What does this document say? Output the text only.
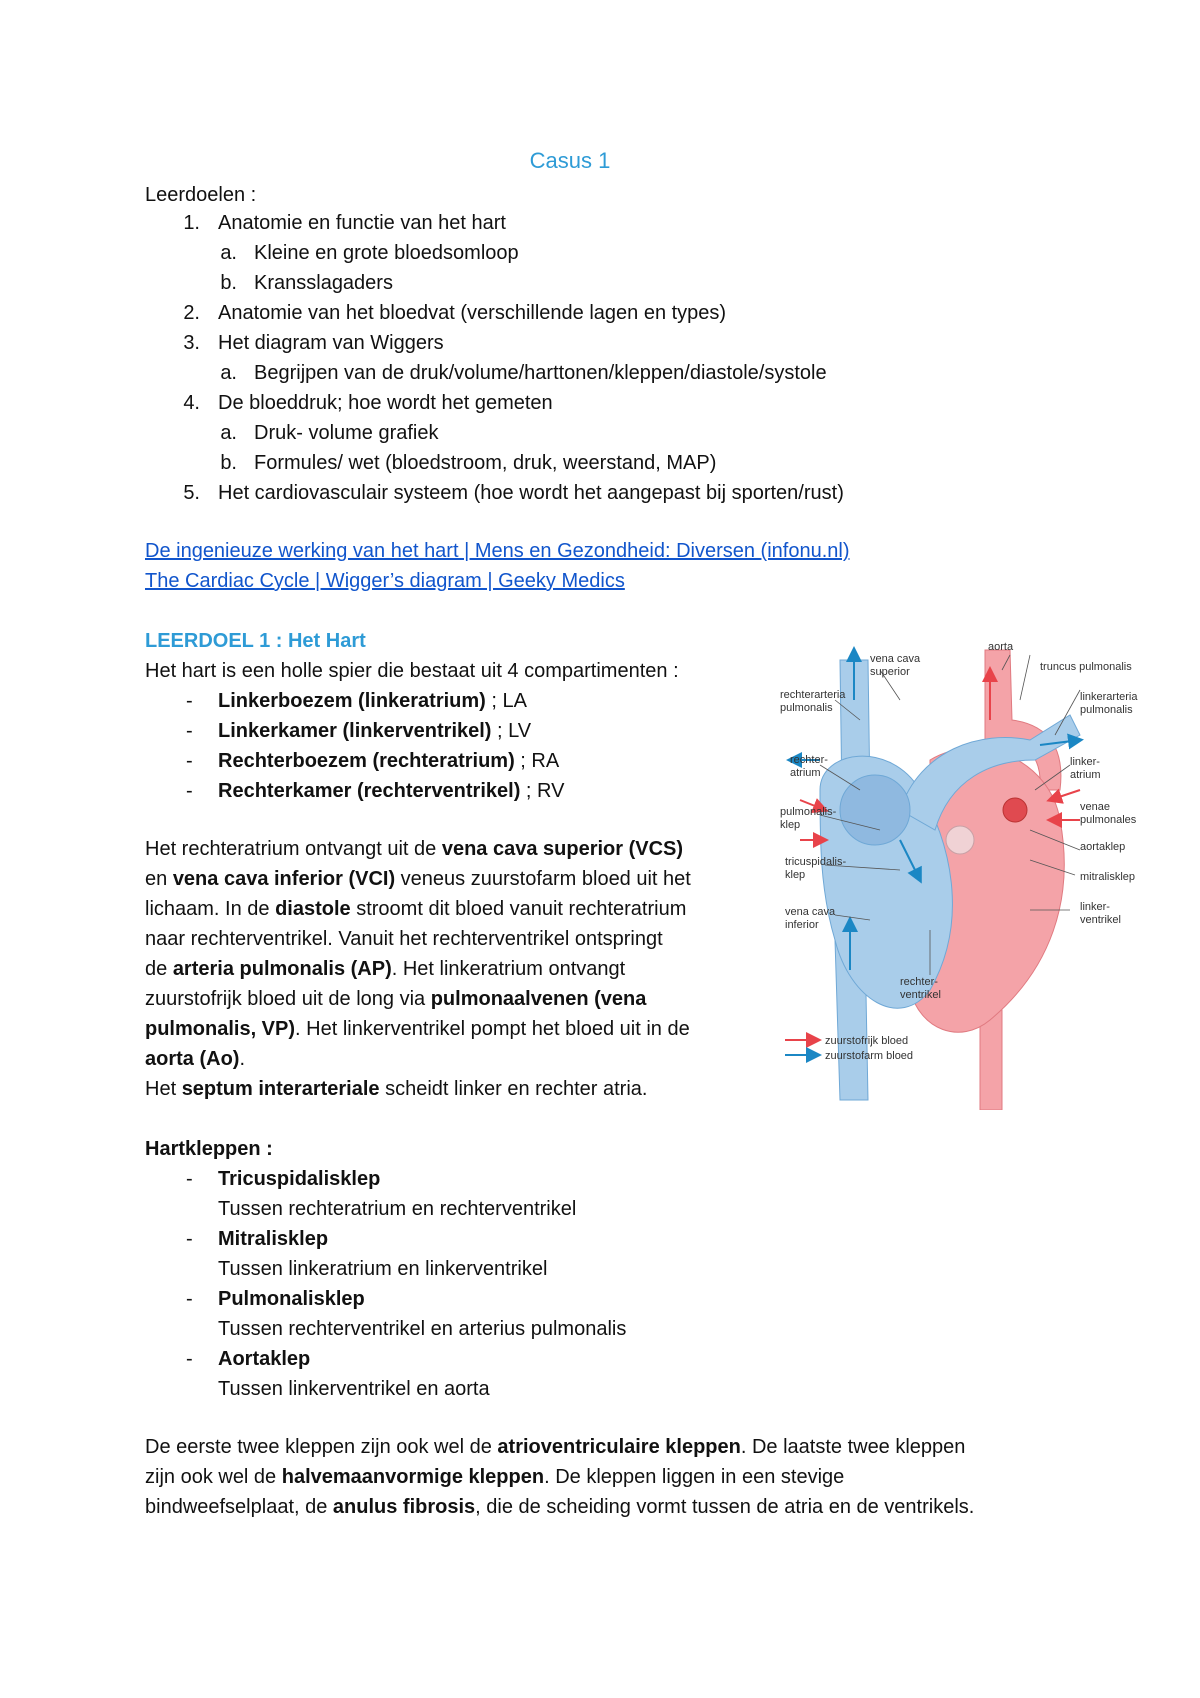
Casus 1
Leerdoelen :
1. Anatomie en functie van het hart
a. Kleine en grote bloedsomloop
b. Kransslagaders
2. Anatomie van het bloedvat (verschillende lagen en types)
3. Het diagram van Wiggers
a. Begrijpen van de druk/volume/harttonen/kleppen/diastole/systole
4. De bloeddruk; hoe wordt het gemeten
a. Druk- volume grafiek
b. Formules/ wet (bloedstroom, druk, weerstand, MAP)
5. Het cardiovasculair systeem (hoe wordt het aangepast bij sporten/rust)
De ingenieuze werking van het hart | Mens en Gezondheid: Diversen (infonu.nl)
The Cardiac Cycle | Wigger’s diagram | Geeky Medics
LEERDOEL 1 : Het Hart
Het hart is een holle spier die bestaat uit 4 compartimenten :
- Linkerboezem (linkeratrium) ; LA
- Linkerkamer (linkerventrikel) ; LV
- Rechterboezem (rechteratrium) ; RA
- Rechterkamer (rechterventrikel) ; RV
Het rechteratrium ontvangt uit de vena cava superior (VCS)
en vena cava inferior (VCI) veneus zuurstofarm bloed uit het
lichaam. In de diastole stroomt dit bloed vanuit rechteratrium
naar rechterventrikel. Vanuit het rechterventrikel ontspringt
de arteria pulmonalis (AP). Het linkeratrium ontvangt
zuurstofrijk bloed uit de long via pulmonaalvenen (vena
pulmonalis, VP). Het linkerventrikel pompt het bloed uit in de
aorta (Ao).
Het septum interarteriale scheidt linker en rechter atria.
Hartkleppen :
- Tricuspidalisklep
Tussen rechteratrium en rechterventrikel
- Mitralisklep
Tussen linkeratrium en linkerventrikel
- Pulmonalisklep
Tussen rechterventrikel en arterius pulmonalis
- Aortaklep
Tussen linkerventrikel en aorta
De eerste twee kleppen zijn ook wel de atrioventriculaire kleppen. De laatste twee kleppen
zijn ook wel de halvemaanvormige kleppen. De kleppen liggen in een stevige
bindweefselplaat, de anulus fibrosis, die de scheiding vormt tussen de atria en de ventrikels.
aorta
vena cava
superior	truncus pulmonalis
rechterarteria
pulmonalis
linkerarteria
pulmonalis
rechter-
atrium
linker-
atrium
venae
pulmonales
pulmonalis-
klep
aortaklep
tricuspidalis-
klep	mitralisklep
vena cava
inferior
linker-
ventrikel
rechter-
ventrikel
zuurstofrijk bloed
zuurstofarm bloed
